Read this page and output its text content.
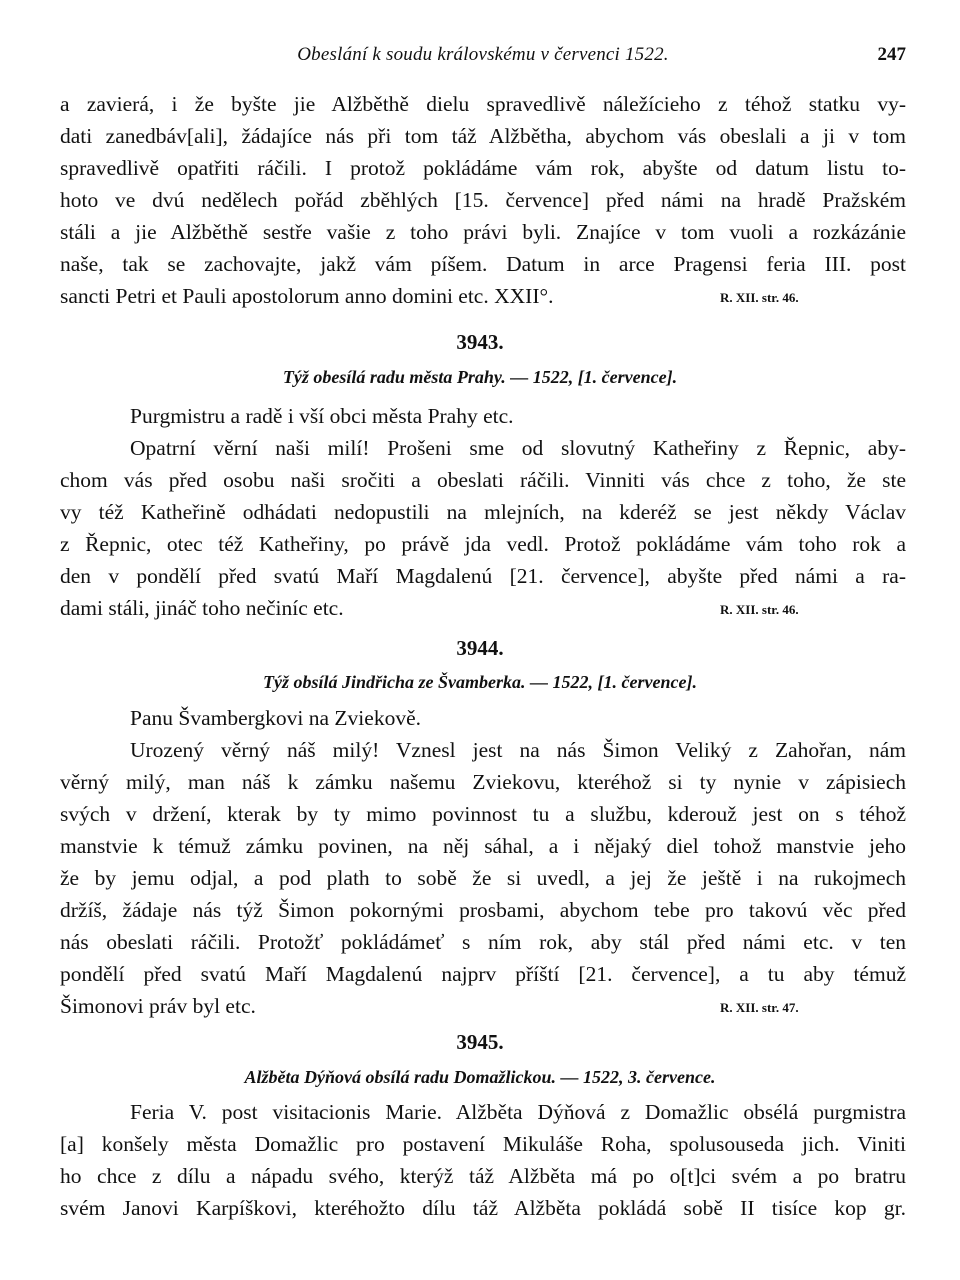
Obeslání k soudu královskému v červenci 1522.	247
a zavierá, i že byšte jie Alžběthě dielu spravedlivě náležícieho z téhož statku vy-
dati zanedbáv[ali], žádajíce nás při tom táž Alžbětha, abychom vás obeslali a ji v tom
spravedlivě opatřiti ráčili. I protož pokládáme vám rok, abyšte od datum listu to-
hoto ve dvú nedělech pořád zběhlých [15. července] před námi na hradě Pražském
stáli a jie Alžběthě sestře vašie z toho právi byli. Znajíce v tom vuoli a rozkázánie
naše, tak se zachovajte, jakž vám píšem. Datum in arce Pragensi feria III. post
sancti Petri et Pauli apostolorum anno domini etc. XXII°.	R. XII. str. 46.
3943.
Týž obesílá radu města Prahy. — 1522, [1. července].
Purgmistru a radě i vší obci města Prahy etc.
Opatrní věrní naši milí! Prošeni sme od slovutný Katheřiny z Řepnic, aby-
chom vás před osobu naši sročiti a obeslati ráčili. Vinniti vás chce z toho, že ste
vy též Katheřině odhádati nedopustili na mlejních, na kderéž se jest někdy Václav
z Řepnic, otec též Katheřiny, po právě jda vedl. Protož pokládáme vám toho rok a
den v pondělí před svatú Maří Magdalenú [21. července], abyšte před námi a ra-
dami stáli, jináč toho nečiníc etc.	R. XII. str. 46.
3944.
Týž obsílá Jindřicha ze Švamberka. — 1522, [1. července].
Panu Švambergkovi na Zviekově.
Urozený věrný náš milý! Vznesl jest na nás Šimon Veliký z Zahořan, nám
věrný milý, man náš k zámku našemu Zviekovu, kteréhož si ty nynie v zápisiech
svých v držení, kterak by ty mimo povinnost tu a službu, kderouž jest on s téhož
manstvie k témuž zámku povinen, na něj sáhal, a i nějaký diel tohož manstvie jeho
že by jemu odjal, a pod plath to sobě že si uvedl, a jej že ještě i na rukojmech
držíš, žádaje nás týž Šimon pokornými prosbami, abychom tebe pro takovú věc před
nás obeslati ráčili. Protožť pokládámeť s ním rok, aby stál před námi etc. v ten
pondělí před svatú Maří Magdalenú najprv příští [21. července], a tu aby témuž
Šimonovi práv byl etc.	R. XII. str. 47.
3945.
Alžběta Dýňová obsílá radu Domažlickou. — 1522, 3. července.
Feria V. post visitacionis Marie. Alžběta Dýňová z Domažlic obsélá purgmistra
[a] konšely města Domažlic pro postavení Mikuláše Roha, spolusouseda jich. Viniti
ho chce z dílu a nápadu svého, kterýž táž Alžběta má po o[t]ci svém a po bratru
svém Janovi Karpíškovi, kteréhožto dílu táž Alžběta pokládá sobě II tisíce kop gr.
